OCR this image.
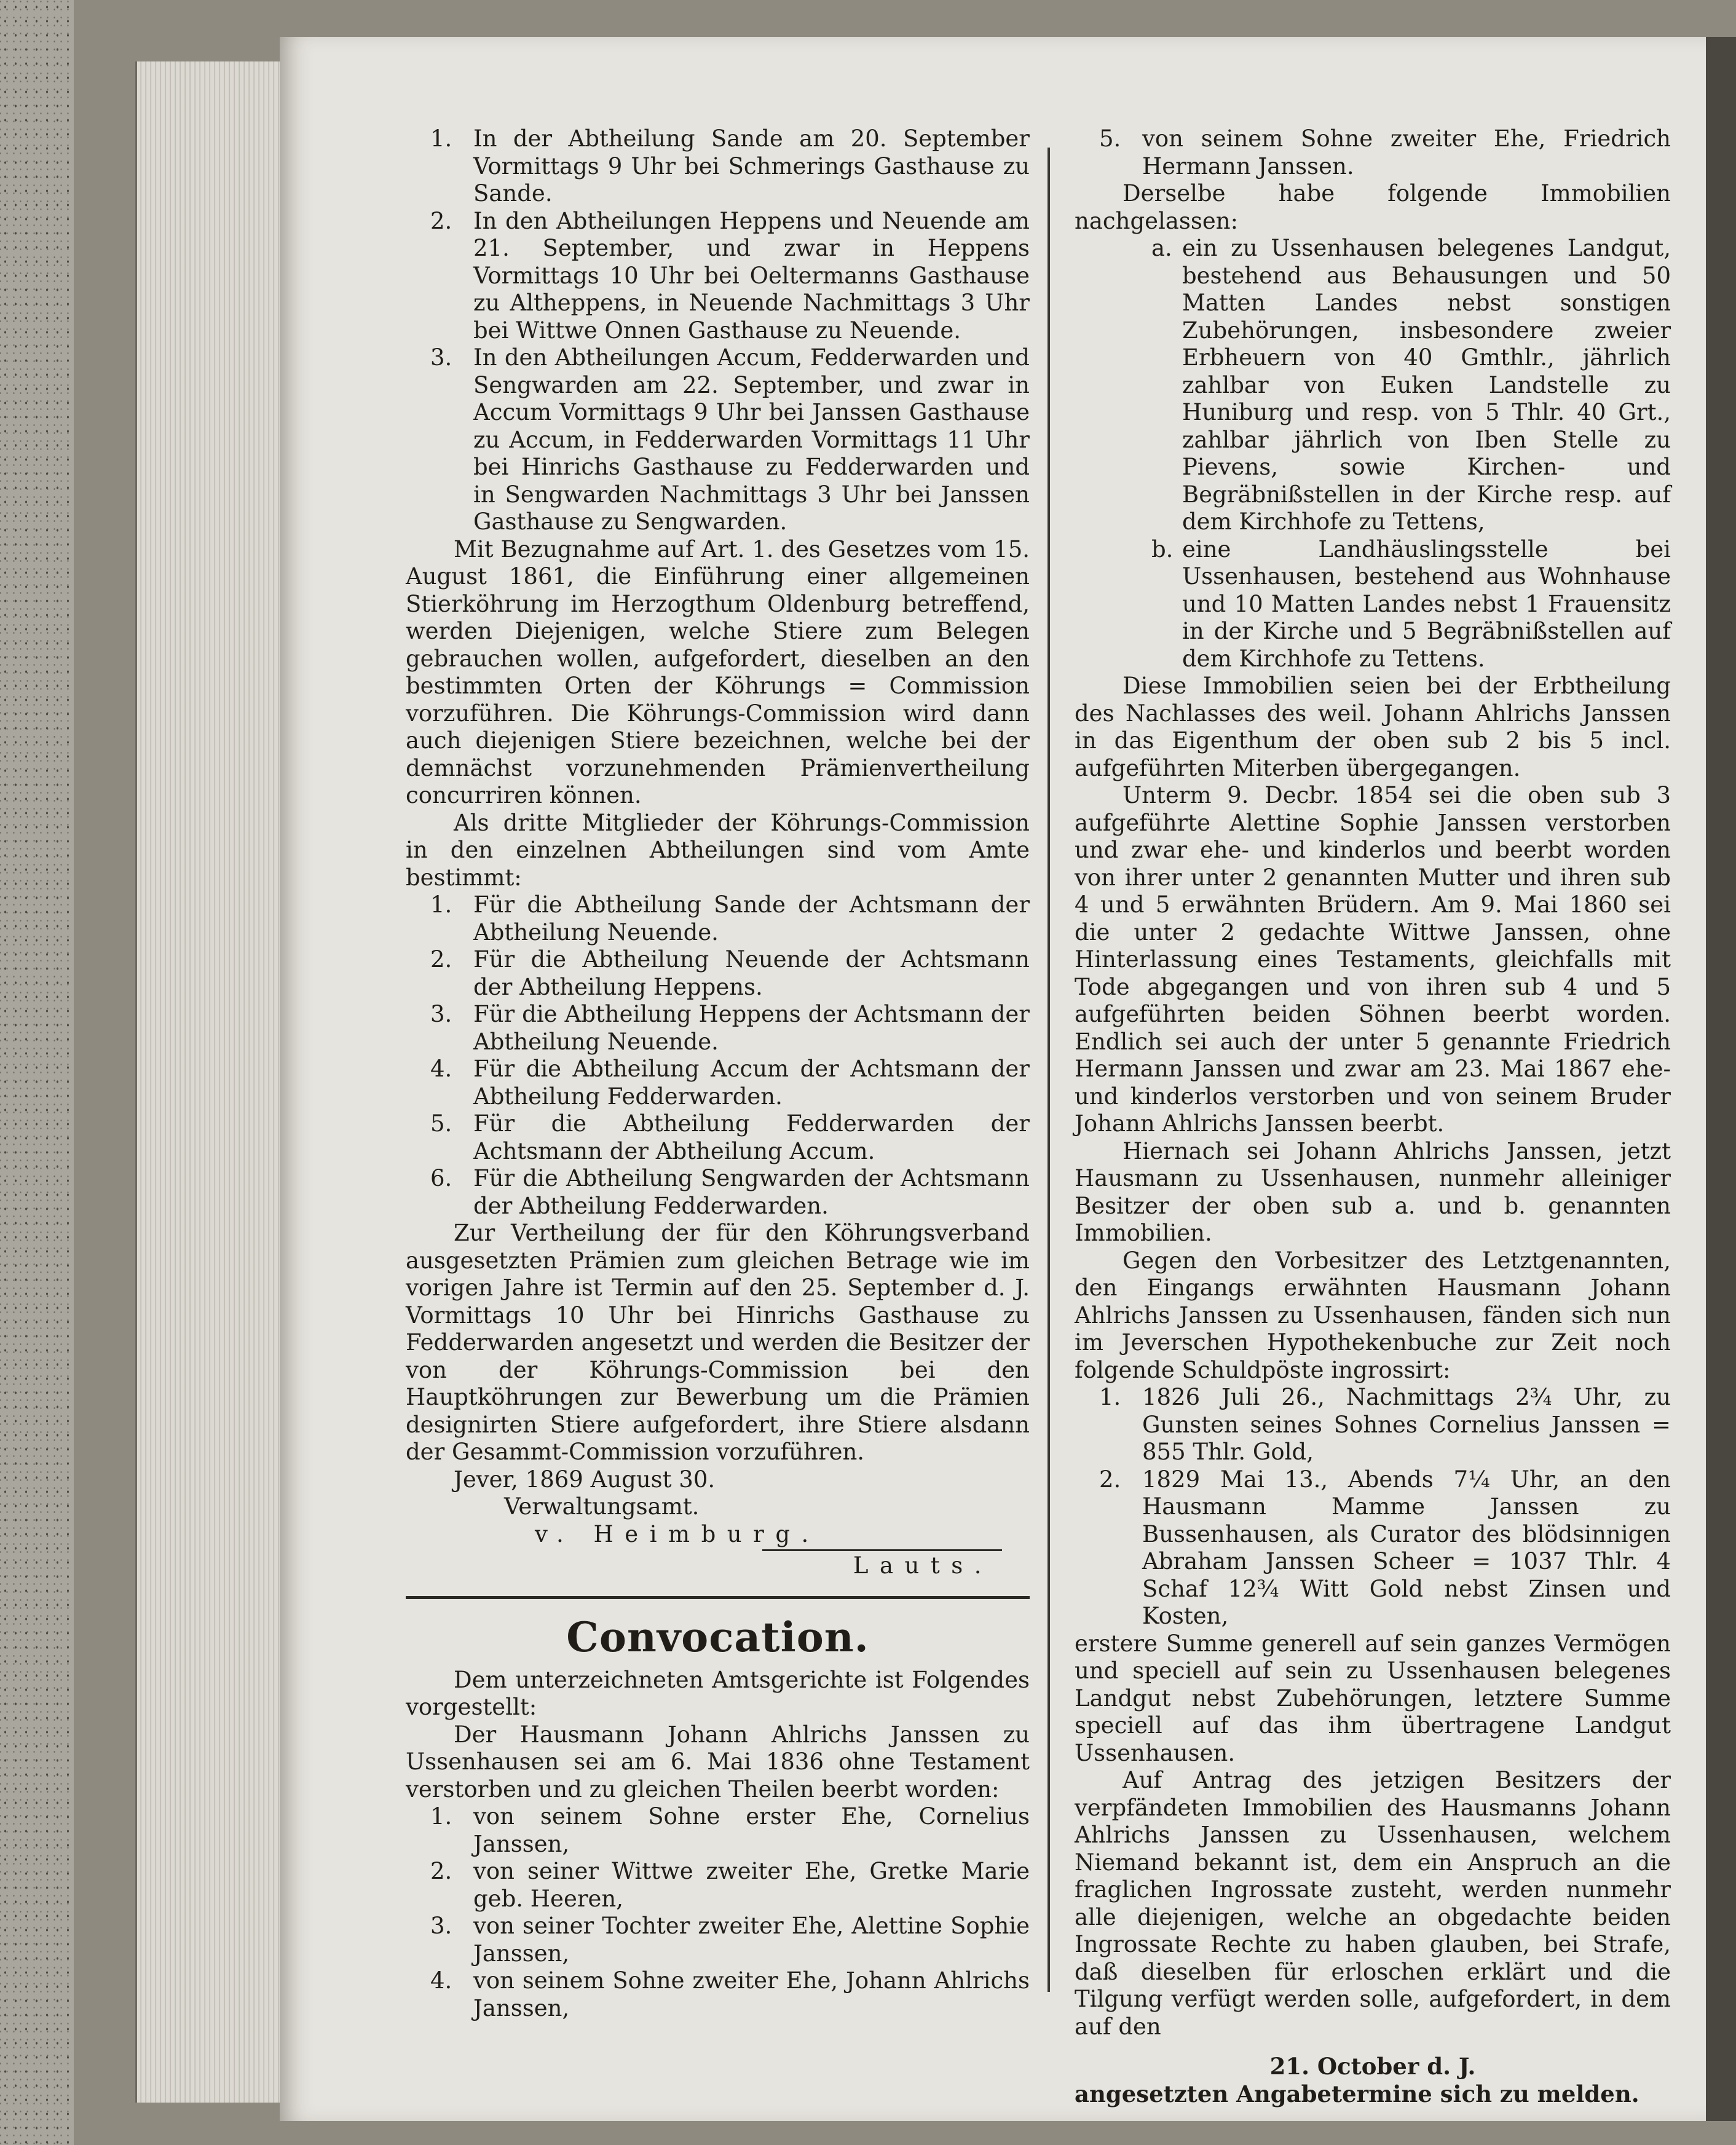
1. In der Abtheilung Sande am 20. September Vormittags 9 Uhr bei Schmerings Gasthause zu Sande.
2. In den Abtheilungen Heppens und Neuende am 21. September, und zwar in Heppens Vormittags 10 Uhr bei Oeltermanns Gasthause zu Altheppens, in Neuende Nachmittags 3 Uhr bei Wittwe Onnen Gasthause zu Neuende.
3. In den Abtheilungen Accum, Fedderwarden und Sengwarden am 22. September, und zwar in Accum Vormittags 9 Uhr bei Janssen Gasthause zu Accum, in Fedderwarden Vormittags 11 Uhr bei Hinrichs Gasthause zu Fedderwarden und in Sengwarden Nachmittags 3 Uhr bei Janssen Gasthause zu Sengwarden.

Mit Bezugnahme auf Art. 1. des Gesetzes vom 15. August 1861, die Einführung einer allgemeinen Stierköhrung im Herzogthum Oldenburg betreffend, werden Diejenigen, welche Stiere zum Belegen gebrauchen wollen, aufgefordert, dieselben an den bestimmten Orten der Köhrungs = Commission vorzuführen. Die Köhrungs-Commission wird dann auch diejenigen Stiere bezeichnen, welche bei der demnächst vorzunehmenden Prämienvertheilung concurriren können.

Als dritte Mitglieder der Köhrungs-Commission in den einzelnen Abtheilungen sind vom Amte bestimmt:

1. Für die Abtheilung Sande der Achtsmann der Abtheilung Neuende.
2. Für die Abtheilung Neuende der Achtsmann der Abtheilung Heppens.
3. Für die Abtheilung Heppens der Achtsmann der Abtheilung Neuende.
4. Für die Abtheilung Accum der Achtsmann der Abtheilung Fedderwarden.
5. Für die Abtheilung Fedderwarden der Achtsmann der Abtheilung Accum.
6. Für die Abtheilung Sengwarden der Achtsmann der Abtheilung Fedderwarden.

Zur Vertheilung der für den Köhrungsverband ausgesetzten Prämien zum gleichen Betrage wie im vorigen Jahre ist Termin auf den 25. September d. J. Vormittags 10 Uhr bei Hinrichs Gasthause zu Fedderwarden angesetzt und werden die Besitzer der von der Köhrungs-Commission bei den Hauptköhrungen zur Bewerbung um die Prämien designirten Stiere aufgefordert, ihre Stiere alsdann der Gesammt-Commission vorzuführen.

Jever, 1869 August 30.

Verwaltungsamt.

v. Heimburg.

Lauts.

Convocation.

Dem unterzeichneten Amtsgerichte ist Folgendes vorgestellt:

Der Hausmann Johann Ahlrichs Janssen zu Ussenhausen sei am 6. Mai 1836 ohne Testament verstorben und zu gleichen Theilen beerbt worden:

1. von seinem Sohne erster Ehe, Cornelius Janssen,
2. von seiner Wittwe zweiter Ehe, Gretke Marie geb. Heeren,
3. von seiner Tochter zweiter Ehe, Alettine Sophie Janssen,
4. von seinem Sohne zweiter Ehe, Johann Ahlrichs Janssen,
5. von seinem Sohne zweiter Ehe, Friedrich Hermann Janssen.

Derselbe habe folgende Immobilien nachgelassen:

a. ein zu Ussenhausen belegenes Landgut, bestehend aus Behausungen und 50 Matten Landes nebst sonstigen Zubehörungen, insbesondere zweier Erbheuern von 40 Gmthlr., jährlich zahlbar von Euken Landstelle zu Huniburg und resp. von 5 Thlr. 40 Grt., zahlbar jährlich von Iben Stelle zu Pievens, sowie Kirchen- und Begräbnißstellen in der Kirche resp. auf dem Kirchhofe zu Tettens,
b. eine Landhäuslingsstelle bei Ussenhausen, bestehend aus Wohnhause und 10 Matten Landes nebst 1 Frauensitz in der Kirche und 5 Begräbnißstellen auf dem Kirchhofe zu Tettens.

Diese Immobilien seien bei der Erbtheilung des Nachlasses des weil. Johann Ahlrichs Janssen in das Eigenthum der oben sub 2 bis 5 incl. aufgeführten Miterben übergegangen.

Unterm 9. Decbr. 1854 sei die oben sub 3 aufgeführte Alettine Sophie Janssen verstorben und zwar ehe- und kinderlos und beerbt worden von ihrer unter 2 genannten Mutter und ihren sub 4 und 5 erwähnten Brüdern. Am 9. Mai 1860 sei die unter 2 gedachte Wittwe Janssen, ohne Hinterlassung eines Testaments, gleichfalls mit Tode abgegangen und von ihren sub 4 und 5 aufgeführten beiden Söhnen beerbt worden. Endlich sei auch der unter 5 genannte Friedrich Hermann Janssen und zwar am 23. Mai 1867 ehe- und kinderlos verstorben und von seinem Bruder Johann Ahlrichs Janssen beerbt.

Hiernach sei Johann Ahlrichs Janssen, jetzt Hausmann zu Ussenhausen, nunmehr alleiniger Besitzer der oben sub a. und b. genannten Immobilien.

Gegen den Vorbesitzer des Letztgenannten, den Eingangs erwähnten Hausmann Johann Ahlrichs Janssen zu Ussenhausen, fänden sich nun im Jeverschen Hypothekenbuche zur Zeit noch folgende Schuldpöste ingrossirt:

1. 1826 Juli 26., Nachmittags 2¾ Uhr, zu Gunsten seines Sohnes Cornelius Janssen = 855 Thlr. Gold,
2. 1829 Mai 13., Abends 7¼ Uhr, an den Hausmann Mamme Janssen zu Bussenhausen, als Curator des blödsinnigen Abraham Janssen Scheer = 1037 Thlr. 4 Schaf 12¾ Witt Gold nebst Zinsen und Kosten,

erstere Summe generell auf sein ganzes Vermögen und speciell auf sein zu Ussenhausen belegenes Landgut nebst Zubehörungen, letztere Summe speciell auf das ihm übertragene Landgut Ussenhausen.

Auf Antrag des jetzigen Besitzers der verpfändeten Immobilien des Hausmanns Johann Ahlrichs Janssen zu Ussenhausen, welchem Niemand bekannt ist, dem ein Anspruch an die fraglichen Ingrossate zusteht, werden nunmehr alle diejenigen, welche an obgedachte beiden Ingrossate Rechte zu haben glauben, bei Strafe, daß dieselben für erloschen erklärt und die Tilgung verfügt werden solle, aufgefordert, in dem auf den

21. October d. J.

angesetzten Angabetermine sich zu melden.
